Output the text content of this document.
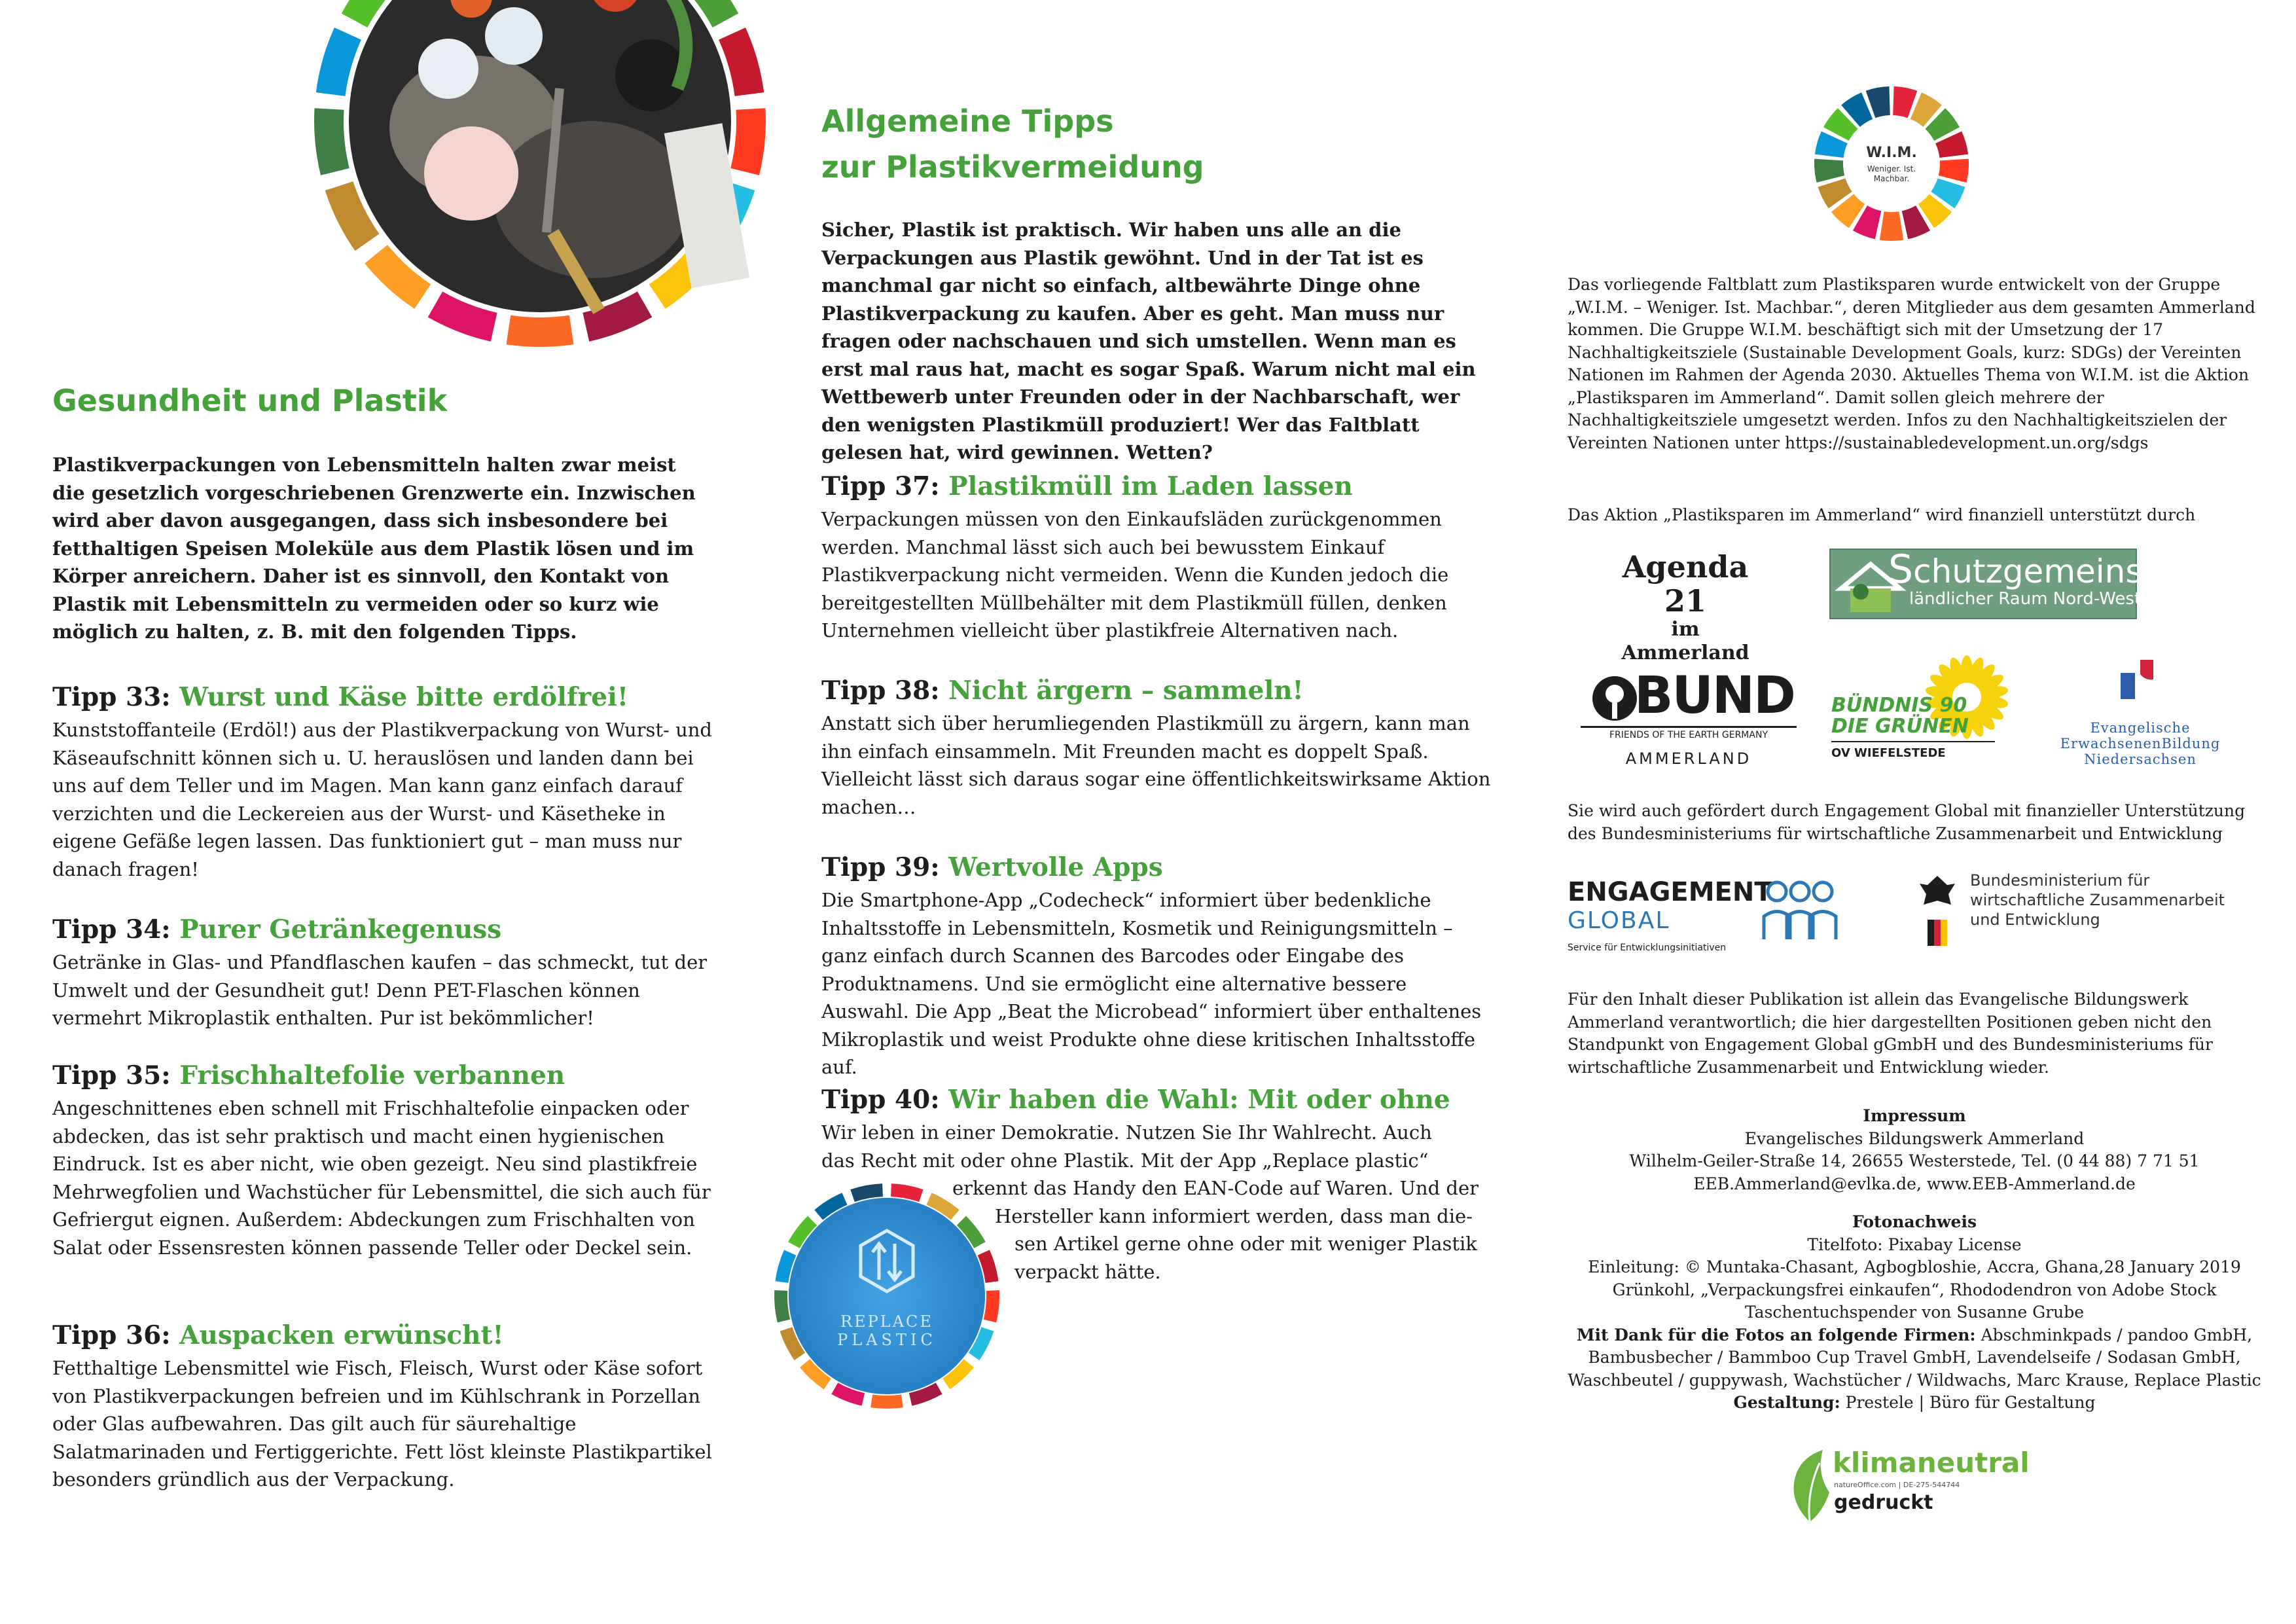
Gesundheit und Plastik

Plastikverpackungen von Lebensmitteln halten zwar meist die gesetzlich vorgeschriebenen Grenzwerte ein. Inzwischen wird aber davon ausgegangen, dass sich insbesondere bei fetthaltigen Speisen Moleküle aus dem Plastik lösen und im Körper anreichern. Daher ist es sinnvoll, den Kontakt von Plastik mit Lebensmitteln zu vermeiden oder so kurz wie möglich zu halten, z. B. mit den folgenden Tipps.

Tipp 33: Wurst und Käse bitte erdölfrei!

Kunststoffanteile (Erdöl!) aus der Plastikverpackung von Wurst- und Käseaufschnitt können sich u. U. herauslösen und landen dann bei uns auf dem Teller und im Magen. Man kann ganz einfach darauf verzichten und die Leckereien aus der Wurst- und Käsetheke in eigene Gefäße legen lassen. Das funktioniert gut – man muss nur danach fragen!

Tipp 34: Purer Getränkegenuss

Getränke in Glas- und Pfandflaschen kaufen – das schmeckt, tut der Umwelt und der Gesundheit gut! Denn PET-Flaschen können vermehrt Mikroplastik enthalten. Pur ist bekömmlicher!

Tipp 35: Frischhaltefolie verbannen

Angeschnittenes eben schnell mit Frischhaltefolie einpacken oder abdecken, das ist sehr praktisch und macht einen hygienischen Eindruck. Ist es aber nicht, wie oben gezeigt. Neu sind plastikfreie Mehrwegfolien und Wachstücher für Lebensmittel, die sich auch für Gefriergut eignen. Außerdem: Abdeckungen zum Frischhalten von Salat oder Essensresten können passende Teller oder Deckel sein.

Tipp 36: Auspacken erwünscht!

Fetthaltige Lebensmittel wie Fisch, Fleisch, Wurst oder Käse sofort von Plastikverpackungen befreien und im Kühlschrank in Porzellan oder Glas aufbewahren. Das gilt auch für säurehaltige Salatmarinaden und Fertiggerichte. Fett löst kleinste Plastikpartikel besonders gründlich aus der Verpackung.

Allgemeine Tipps
zur Plastikvermeidung

Sicher, Plastik ist praktisch. Wir haben uns alle an die Verpackungen aus Plastik gewöhnt. Und in der Tat ist es manchmal gar nicht so einfach, altbewährte Dinge ohne Plastikverpackung zu kaufen. Aber es geht. Man muss nur fragen oder nachschauen und sich umstellen. Wenn man es erst mal raus hat, macht es sogar Spaß. Warum nicht mal ein Wettbewerb unter Freunden oder in der Nachbarschaft, wer den wenigsten Plastikmüll produziert! Wer das Faltblatt gelesen hat, wird gewinnen. Wetten?

Tipp 37: Plastikmüll im Laden lassen

Verpackungen müssen von den Einkaufsläden zurückgenommen werden. Manchmal lässt sich auch bei bewusstem Einkauf Plastikverpackung nicht vermeiden. Wenn die Kunden jedoch die bereitgestellten Müllbehälter mit dem Plastikmüll füllen, denken Unternehmen vielleicht über plastikfreie Alternativen nach.

Tipp 38: Nicht ärgern – sammeln!

Anstatt sich über herumliegenden Plastikmüll zu ärgern, kann man ihn einfach einsammeln. Mit Freunden macht es doppelt Spaß. Vielleicht lässt sich daraus sogar eine öffentlichkeitswirksame Aktion machen…

Tipp 39: Wertvolle Apps

Die Smartphone-App „Codecheck“ informiert über bedenkliche Inhaltsstoffe in Lebensmitteln, Kosmetik und Reinigungsmitteln – ganz einfach durch Scannen des Barcodes oder Eingabe des Produktnamens. Und sie ermöglicht eine alternative bessere Auswahl. Die App „Beat the Microbead“ informiert über enthaltenes Mikroplastik und weist Produkte ohne diese kritischen Inhaltsstoffe auf.

Tipp 40: Wir haben die Wahl: Mit oder ohne
Wir leben in einer Demokratie. Nutzen Sie Ihr Wahlrecht. Auch
das Recht mit oder ohne Plastik. Mit der App „Replace plastic“
erkennt das Handy den EAN-Code auf Waren. Und der
Hersteller kann informiert werden, dass man die-
sen Artikel gerne ohne oder mit weniger Plastik
verpackt hätte.
REPLACE
PLASTIC
W.I.M.
Weniger. Ist.
Machbar.

Das vorliegende Faltblatt zum Plastiksparen wurde entwickelt von der Gruppe „W.I.M. – Weniger. Ist. Machbar.“, deren Mitglieder aus dem gesamten Ammerland kommen. Die Gruppe W.I.M. beschäftigt sich mit der Umsetzung der 17 Nachhaltigkeitsziele (Sustainable Development Goals, kurz: SDGs) der Vereinten Nationen im Rahmen der Agenda 2030. Aktuelles Thema von W.I.M. ist die Aktion „Plastiksparen im Ammerland“. Damit sollen gleich mehrere der Nachhaltigkeitsziele umgesetzt werden. Infos zu den Nachhaltigkeitszielen der Vereinten Nationen unter https://sustainabledevelopment.un.org/sdgs

Das Aktion „Plastiksparen im Ammerland“ wird finanziell unterstützt durch

Agenda 21
im Ammerland
Schutzgemeinschaft
ländlicher Raum Nord-West e.V.
BUND
FRIENDS OF THE EARTH GERMANY
AMMERLAND
BÜNDNIS 90
DIE GRÜNEN
OV WIEFELSTEDE
Evangelische
ErwachsenenBildung
Niedersachsen

Sie wird auch gefördert durch Engagement Global mit finanzieller Unterstützung des Bundesministeriums für wirtschaftliche Zusammenarbeit und Entwicklung

ENGAGEMENT
GLOBAL
Service für Entwicklungsinitiativen
Bundesministerium für
wirtschaftliche Zusammenarbeit
und Entwicklung

Für den Inhalt dieser Publikation ist allein das Evangelische Bildungswerk Ammerland verantwortlich; die hier dargestellten Positionen geben nicht den Standpunkt von Engagement Global gGmbH und des Bundesministeriums für wirtschaftliche Zusammenarbeit und Entwicklung wieder.

Impressum
Evangelisches Bildungswerk Ammerland
Wilhelm-Geiler-Straße 14, 26655 Westerstede, Tel. (0 44 88) 7 71 51
EEB.Ammerland@evlka.de, www.EEB-Ammerland.de
Fotonachweis
Titelfoto: Pixabay License
Einleitung: © Muntaka-Chasant, Agbogbloshie, Accra, Ghana,28 January 2019
Grünkohl, „Verpackungsfrei einkaufen“, Rhododendron von Adobe Stock
Taschentuchspender von Susanne Grube
Mit Dank für die Fotos an folgende Firmen: Abschminkpads / pandoo GmbH,
Bambusbecher / Bammboo Cup Travel GmbH, Lavendelseife / Sodasan GmbH,
Waschbeutel / guppywash, Wachstücher / Wildwachs, Marc Krause, Replace Plastic
Gestaltung: Prestele | Büro für Gestaltung
klimaneutral
natureOffice.com | DE-275-544744
gedruckt
